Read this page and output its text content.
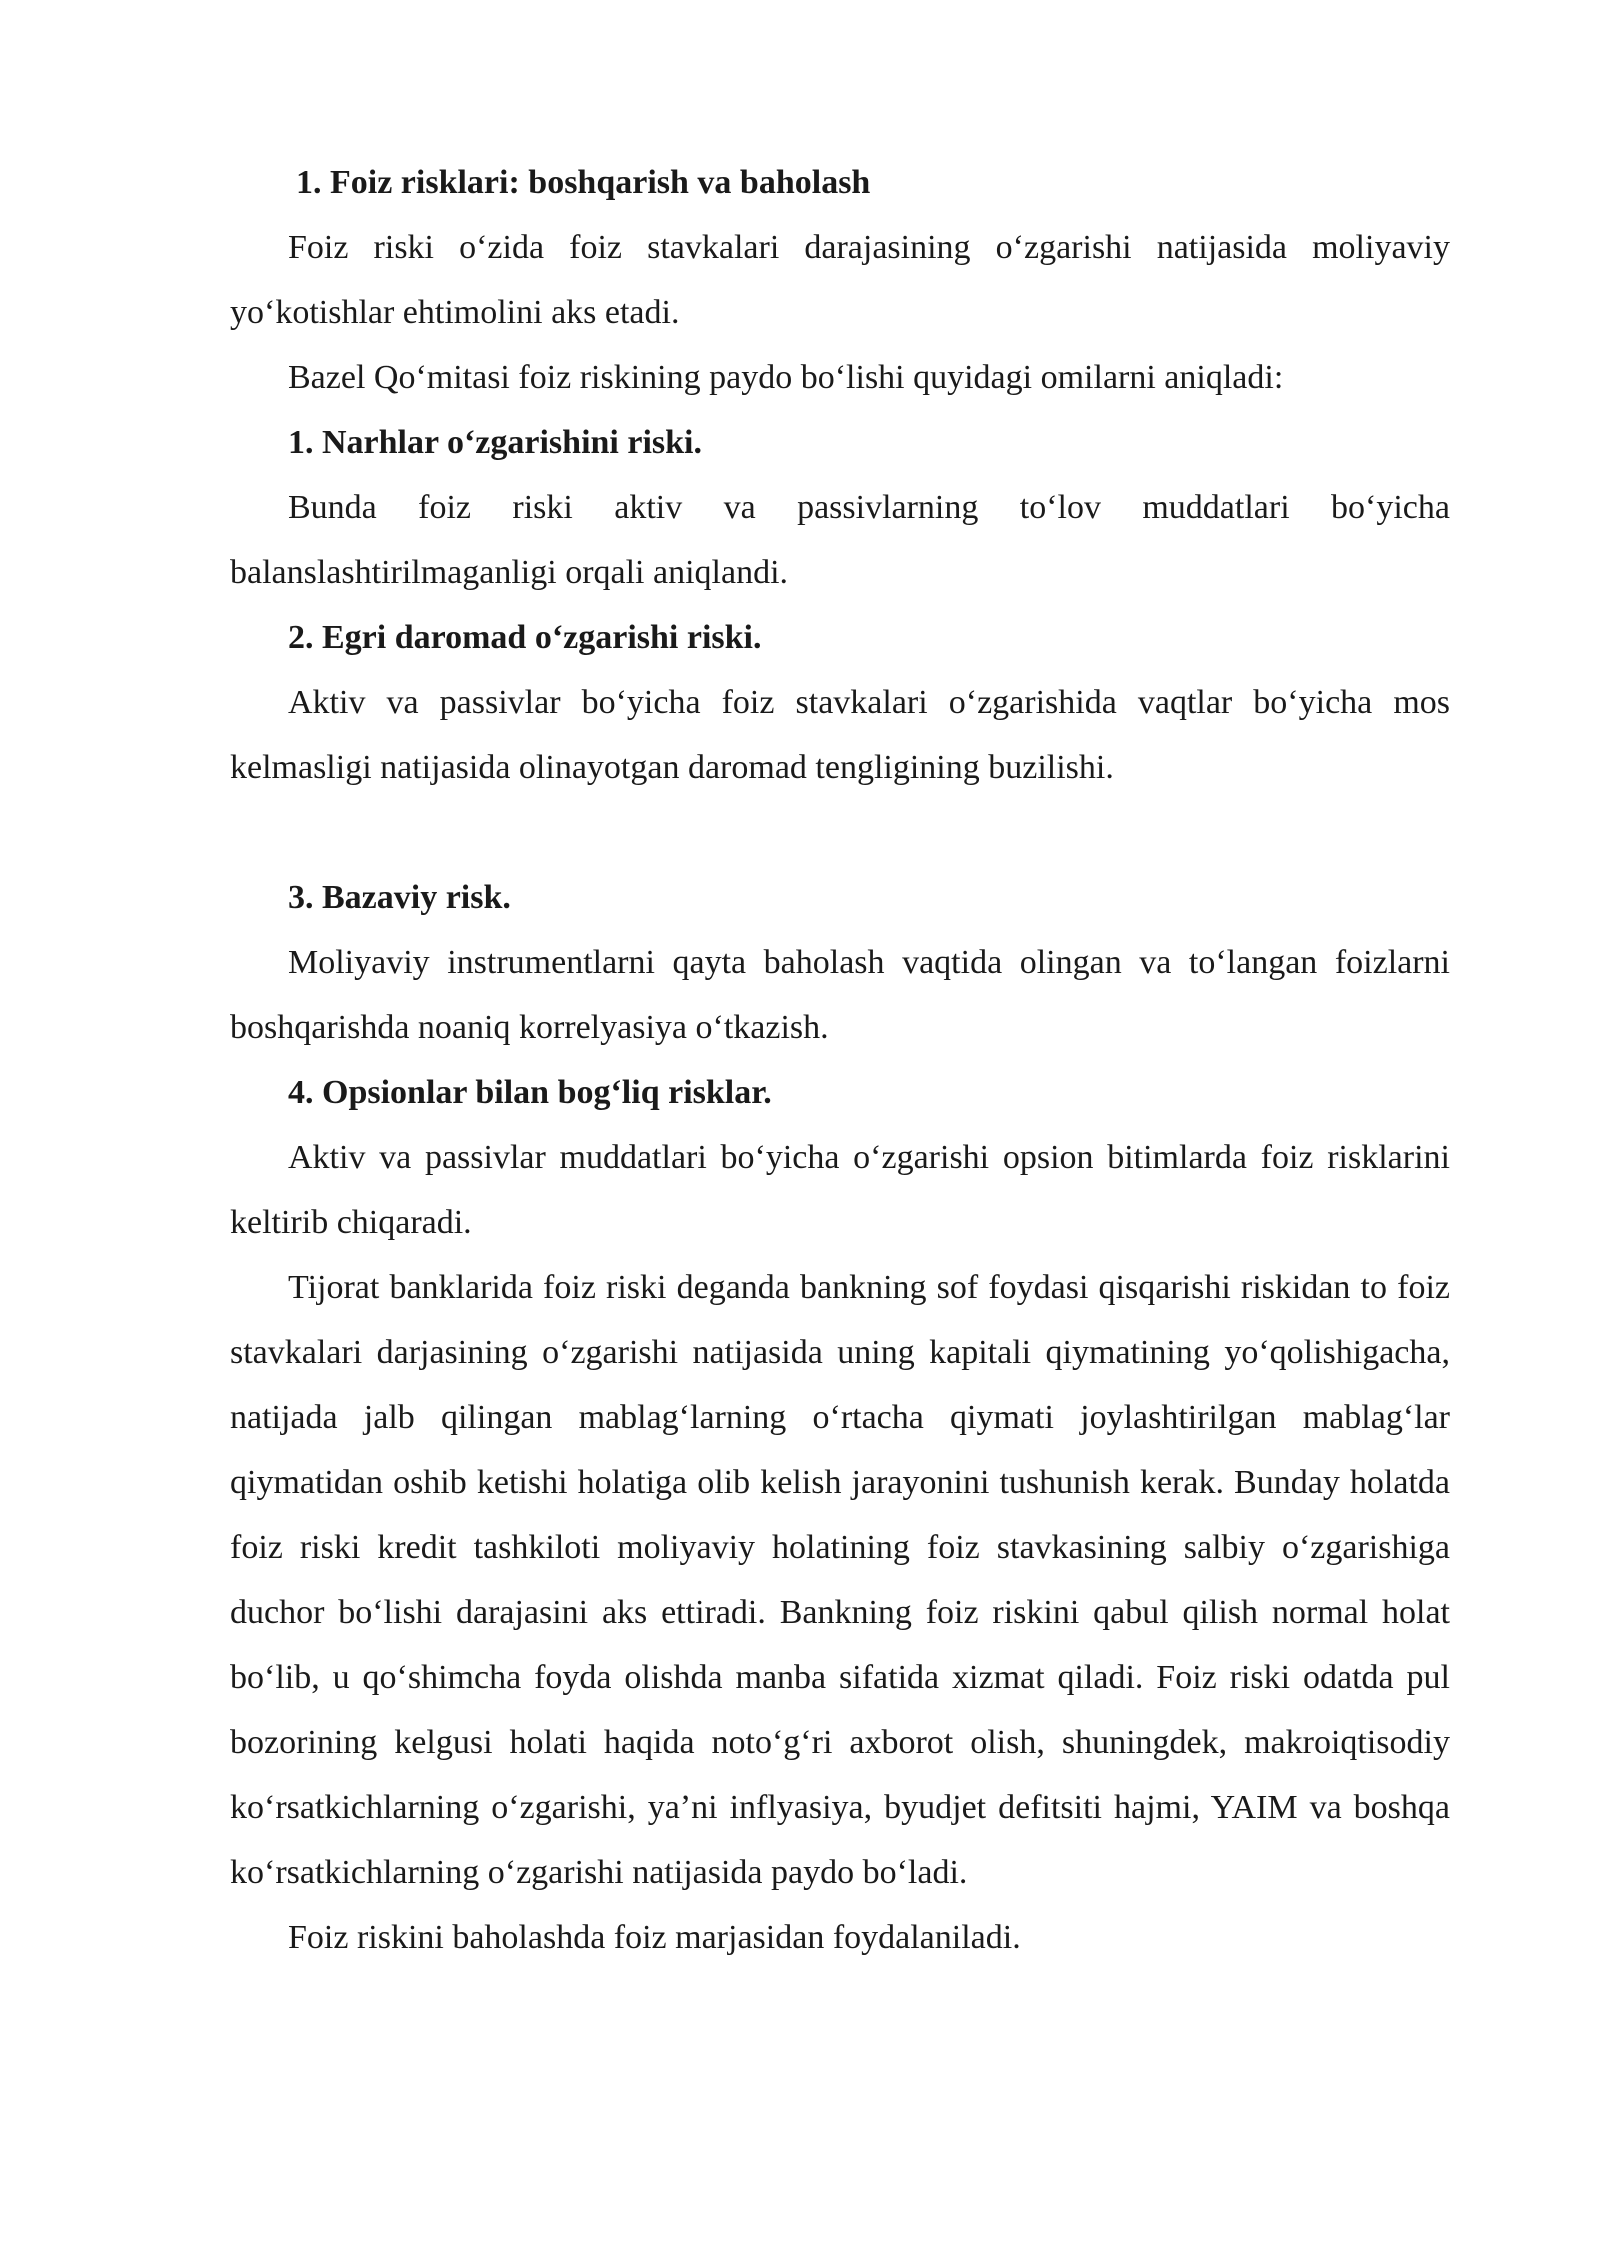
1. Foiz risklari: boshqarish va baholash

Foiz riski oʻzida foiz stavkalari darajasining oʻzgarishi natijasida moliyaviy yoʻkotishlar ehtimolini aks etadi.

Bazel Qoʻmitasi foiz riskining paydo boʻlishi quyidagi omilarni aniqladi:

1. Narhlar oʻzgarishini riski.

Bunda foiz riski aktiv va passivlarning toʻlov muddatlari boʻyicha balanslashtirilmaganligi orqali aniqlandi.

2. Egri daromad oʻzgarishi riski.

Aktiv va passivlar boʻyicha foiz stavkalari oʻzgarishida vaqtlar boʻyicha mos kelmasligi natijasida olinayotgan daromad tengligining buzilishi.

3. Bazaviy risk.

Moliyaviy instrumentlarni qayta baholash vaqtida olingan va toʻlangan foizlarni boshqarishda noaniq korrelyasiya oʻtkazish.

4. Opsionlar bilan bogʻliq risklar.

Aktiv va passivlar muddatlari boʻyicha oʻzgarishi opsion bitimlarda foiz risklarini keltirib chiqaradi.

Tijorat banklarida foiz riski deganda bankning sof foydasi qisqarishi riskidan to foiz stavkalari darjasining oʻzgarishi natijasida uning kapitali qiymatining yoʻqolishigacha, natijada jalb qilingan mablagʻlarning oʻrtacha qiymati joylashtirilgan mablagʻlar qiymatidan oshib ketishi holatiga olib kelish jarayonini tushunish kerak. Bunday holatda foiz riski kredit tashkiloti moliyaviy holatining foiz stavkasining salbiy oʻzgarishiga duchor boʻlishi darajasini aks ettiradi. Bankning foiz riskini qabul qilish normal holat boʻlib, u qoʻshimcha foyda olishda manba sifatida xizmat qiladi. Foiz riski odatda pul bozorining kelgusi holati haqida notoʻgʻri axborot olish, shuningdek, makroiqtisodiy koʻrsatkichlarning oʻzgarishi, yaʼni inflyasiya, byudjet defitsiti hajmi, YAIM va boshqa koʻrsatkichlarning oʻzgarishi natijasida paydo boʻladi.

Foiz riskini baholashda foiz marjasidan foydalaniladi.
